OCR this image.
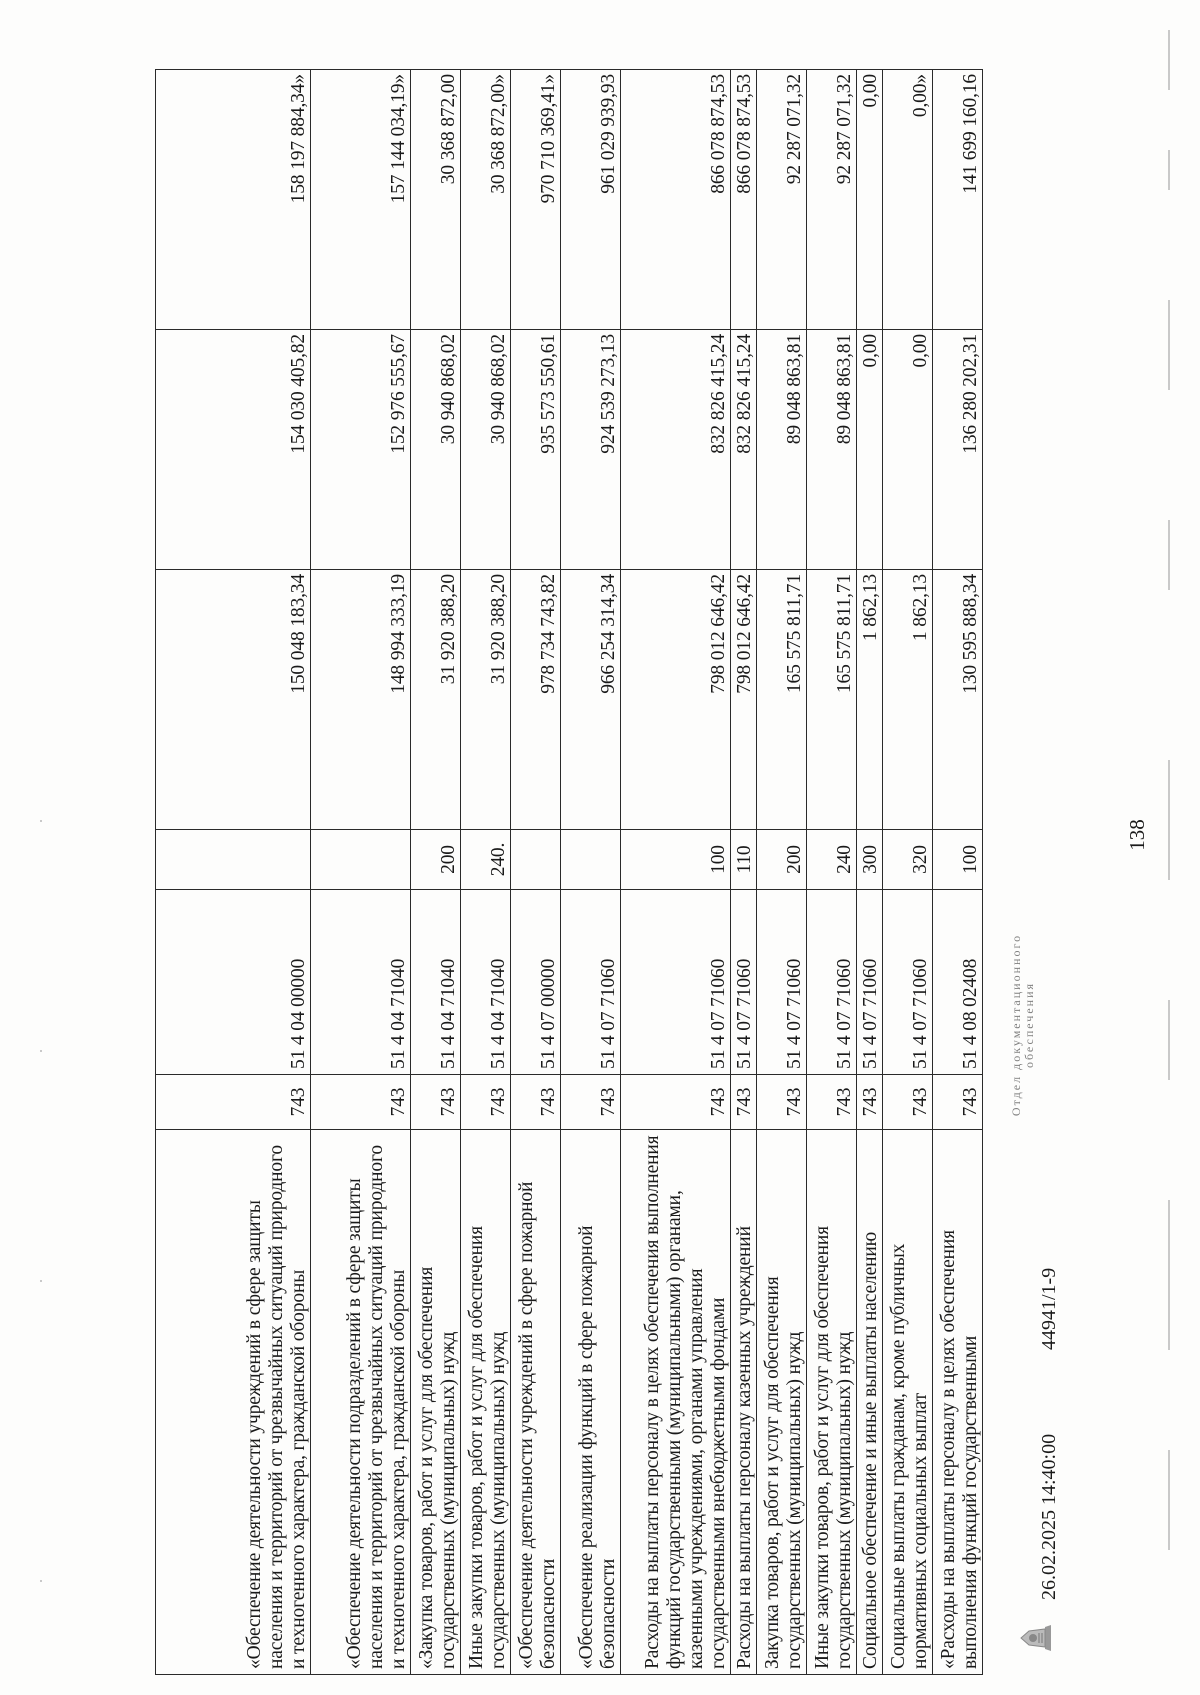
138
«Обеспечение деятельности учреждений в сфере защиты населения и территорий от чрезвычайных ситуаций природного и техногенного характера, гражданской обороны	743	51 4 04 00000		150 048 183,34	154 030 405,82	158 197 884,34»
«Обеспечение деятельности подразделений в сфере защиты населения и территорий от чрезвычайных ситуаций природного и техногенного характера, гражданской обороны	743	51 4 04 71040		148 994 333,19	152 976 555,67	157 144 034,19»
«Закупка товаров, работ и услуг для обеспечения государственных (муниципальных) нужд	743	51 4 04 71040	200	31 920 388,20	30 940 868,02	30 368 872,00
Иные закупки товаров, работ и услуг для обеспечения государственных (муниципальных) нужд	743	51 4 04 71040	240.	31 920 388,20	30 940 868,02	30 368 872,00»
«Обеспечение деятельности учреждений в сфере пожарной безопасности	743	51 4 07 00000		978 734 743,82	935 573 550,61	970 710 369,41»
«Обеспечение реализации функций в сфере пожарной безопасности	743	51 4 07 71060		966 254 314,34	924 539 273,13	961 029 939,93
Расходы на выплаты персоналу в целях обеспечения выполнения функций государственными (муниципальными) органами, казенными учреждениями, органами управления государственными внебюджетными фондами	743	51 4 07 71060	100	798 012 646,42	832 826 415,24	866 078 874,53
Расходы на выплаты персоналу казенных учреждений	743	51 4 07 71060	110	798 012 646,42	832 826 415,24	866 078 874,53
Закупка товаров, работ и услуг для обеспечения государственных (муниципальных) нужд	743	51 4 07 71060	200	165 575 811,71	89 048 863,81	92 287 071,32
Иные закупки товаров, работ и услуг для обеспечения государственных (муниципальных) нужд	743	51 4 07 71060	240	165 575 811,71	89 048 863,81	92 287 071,32
Социальное обеспечение и иные выплаты населению	743	51 4 07 71060	300	1 862,13	0,00	0,00
Социальные выплаты гражданам, кроме публичных нормативных социальных выплат	743	51 4 07 71060	320	1 862,13	0,00	0,00»
«Расходы на выплаты персоналу в целях обеспечения выполнения функций государственными	743	51 4 08 02408	100	130 595 888,34	136 280 202,31	141 699 160,16
26.02.2025 14:40:00
44941/1-9
Отдел документационного обеспечения
